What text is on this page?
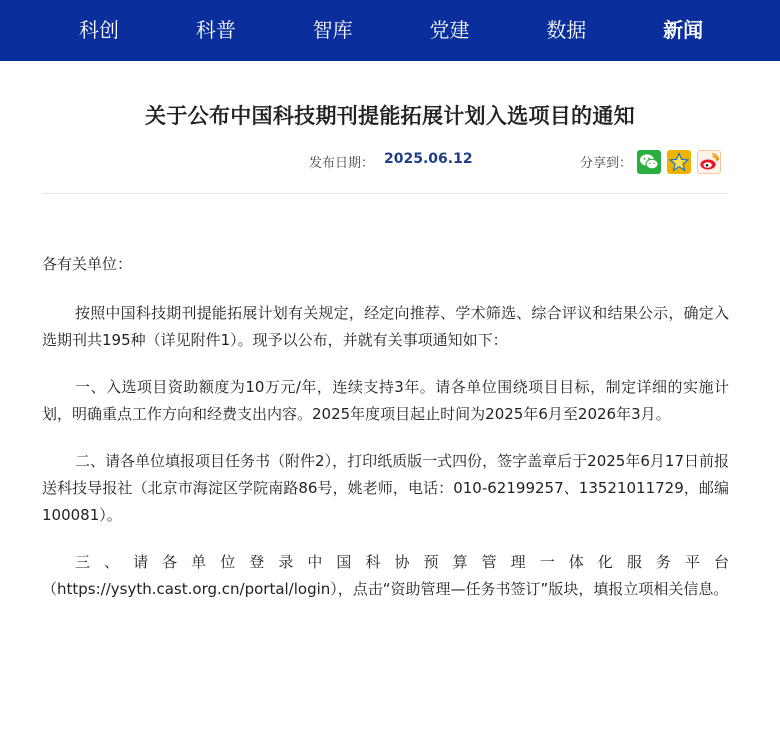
科创	科普	智库	党建	数据	新闻
关于公布中国科技期刊提能拓展计划入选项目的通知
发布日期： 2025.06.12	分享到：

各有关单位：

按照中国科技期刊提能拓展计划有关规定，经定向推荐、学术筛选、综合评议和结果公示，确定入选期刊共195种（详见附件1）。现予以公布，并就有关事项通知如下：

一、入选项目资助额度为10万元/年，连续支持3年。请各单位围绕项目目标，制定详细的实施计划，明确重点工作方向和经费支出内容。2025年度项目起止时间为2025年6月至2026年3月。

二、请各单位填报项目任务书（附件2），打印纸质版一式四份，签字盖章后于2025年6月17日前报送科技导报社（北京市海淀区学院南路86号，姚老师，电话：010-62199257、13521011729，邮编100081）。

三、请各单位登录中国科协预算管理一体化服务平台（https://ysyth.cast.org.cn/portal/login），点击“资助管理—任务书签订”版块，填报立项相关信息。
